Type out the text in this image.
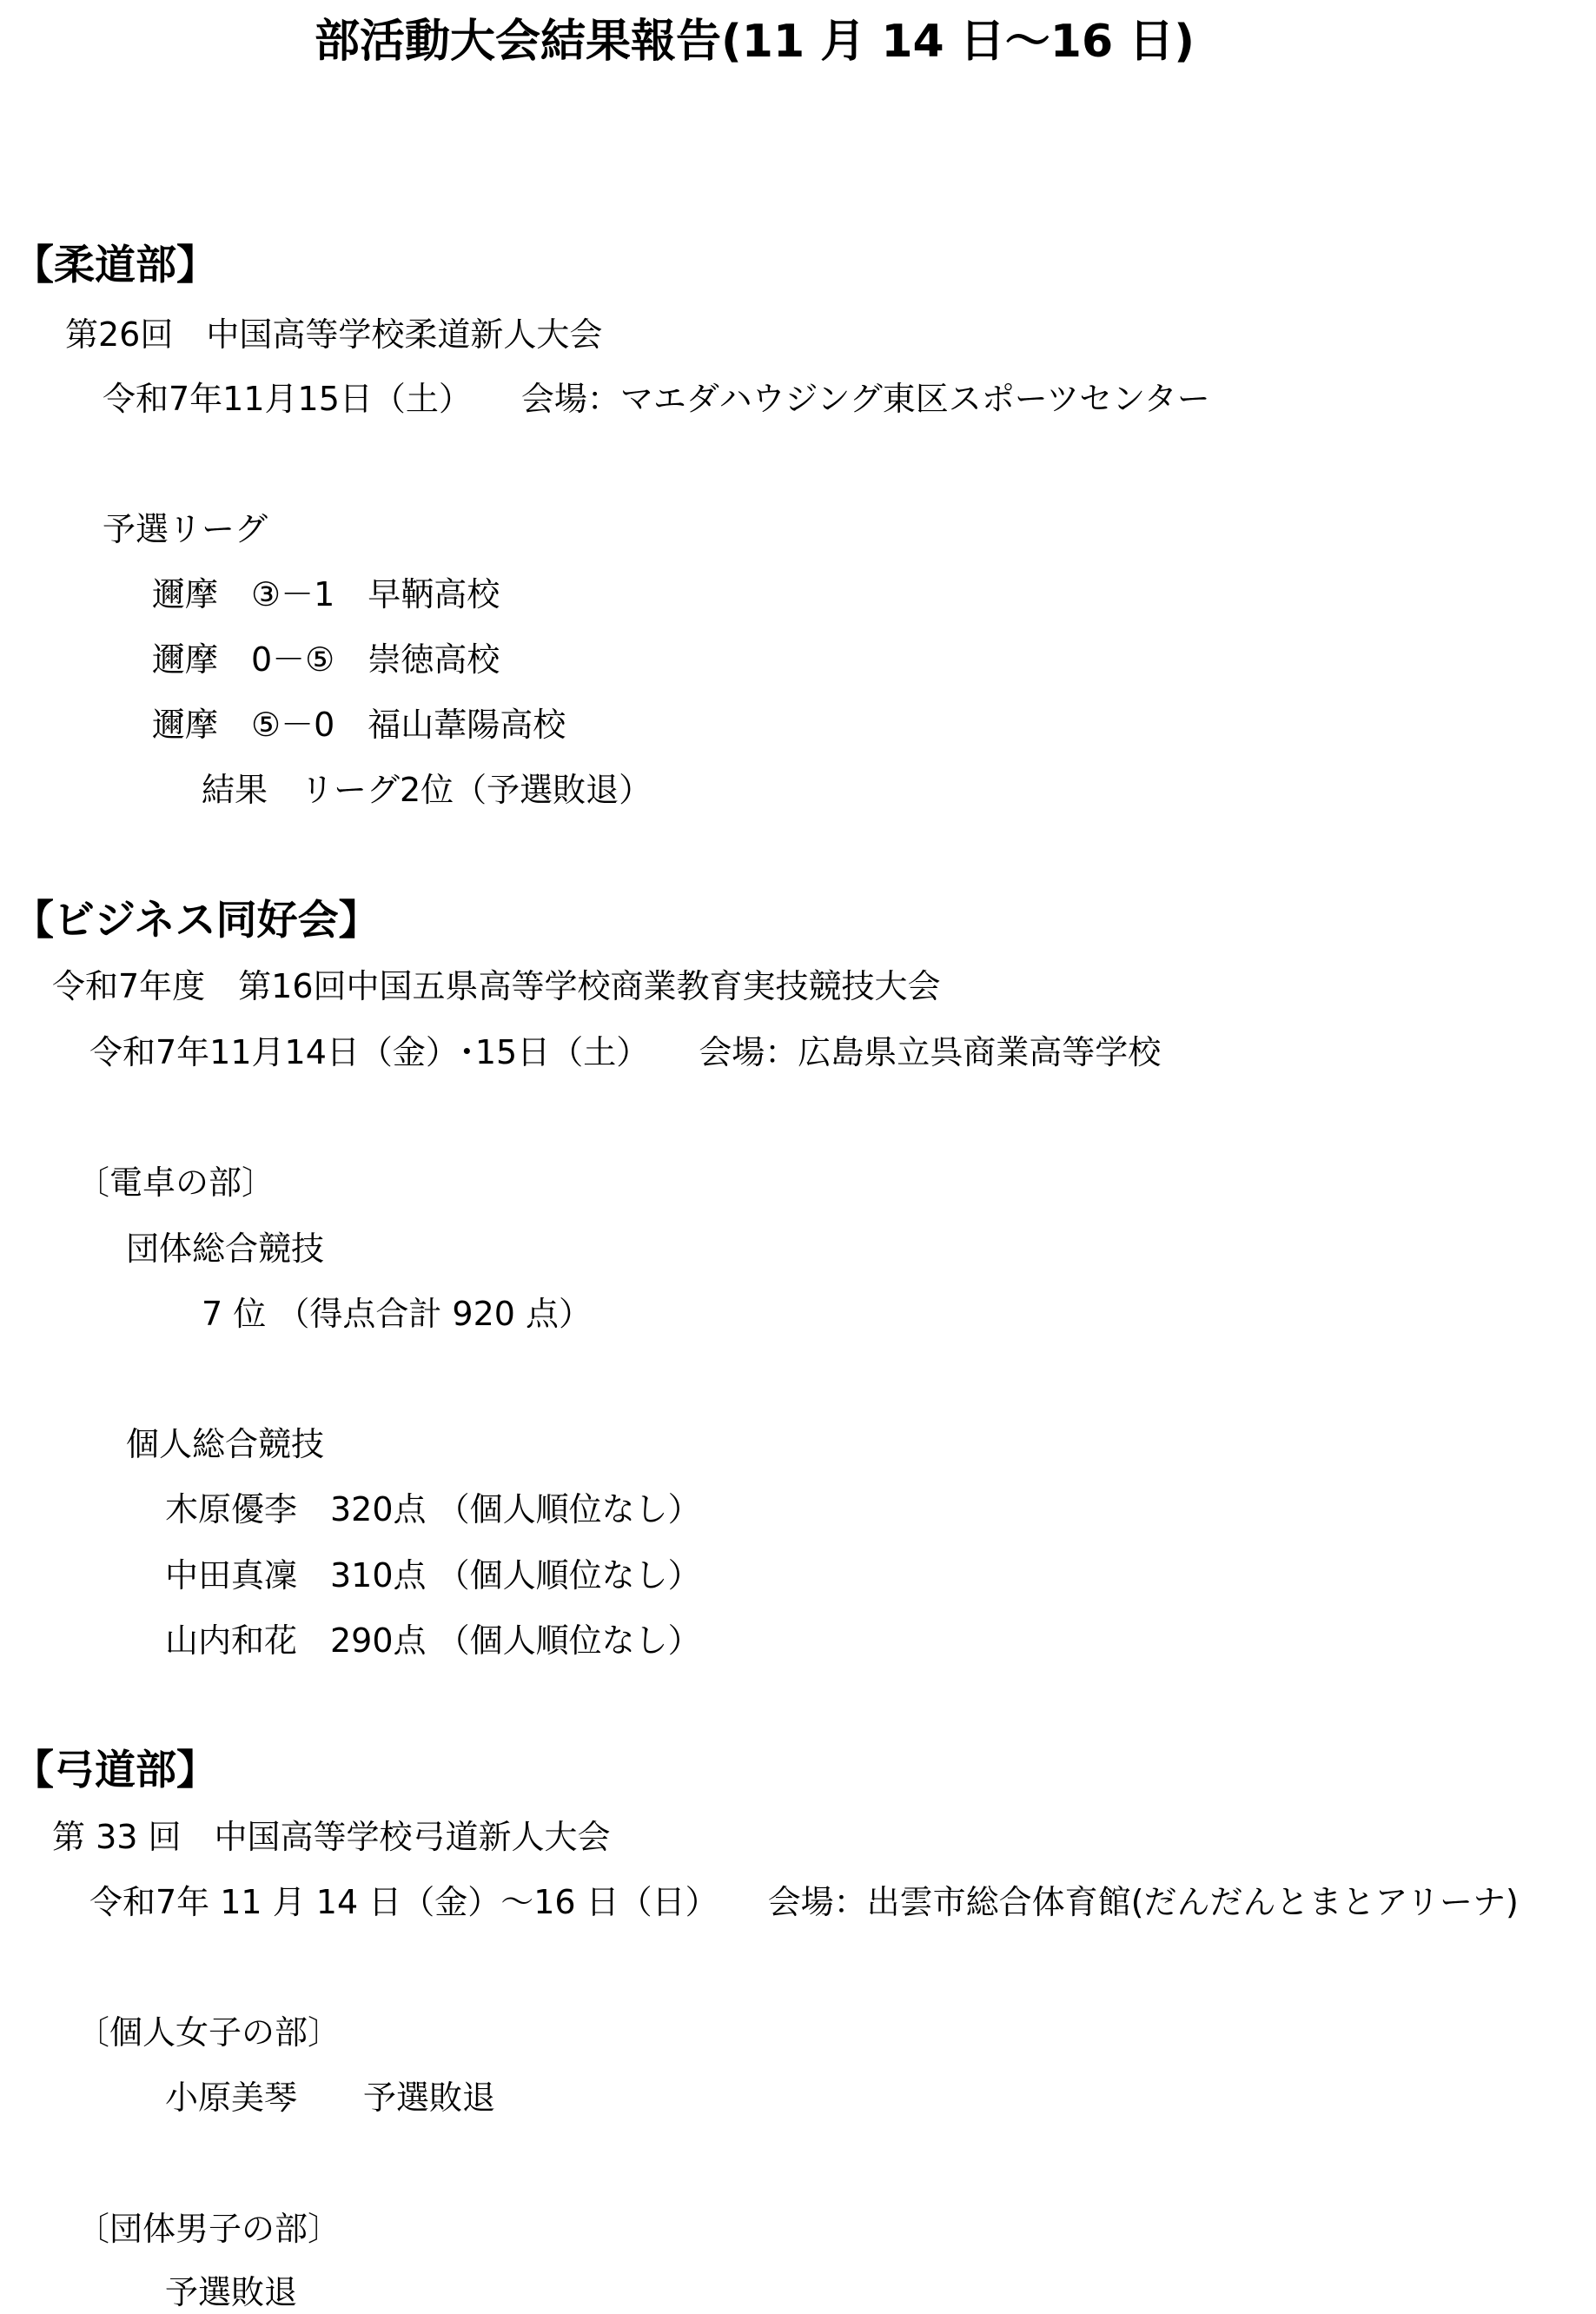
部活動大会結果報告(11 月 14 日〜16 日)
【柔道部】
第26回　中国高等学校柔道新人大会
令和7年11月15日（土）　　会場：マエダハウジング東区スポーツセンター
予選リーグ
邇摩　③－1　早鞆高校
邇摩　0－⑤　崇徳高校
邇摩　⑤－0　福山葦陽高校
結果　リーグ2位（予選敗退）
【ビジネス同好会】
令和7年度　第16回中国五県高等学校商業教育実技競技大会
令和7年11月14日（金）･15日（土）　　会場：広島県立呉商業高等学校
〔電卓の部〕
団体総合競技
7 位 （得点合計 920 点）
個人総合競技
木原優李　320点 （個人順位なし）
中田真凜　310点 （個人順位なし）
山内和花　290点 （個人順位なし）
【弓道部】
第 33 回　中国高等学校弓道新人大会
令和7年 11 月 14 日（金）～16 日（日）　　会場：出雲市総合体育館(だんだんとまとアリーナ)
〔個人女子の部〕
小原美琴　　予選敗退
〔団体男子の部〕
予選敗退
